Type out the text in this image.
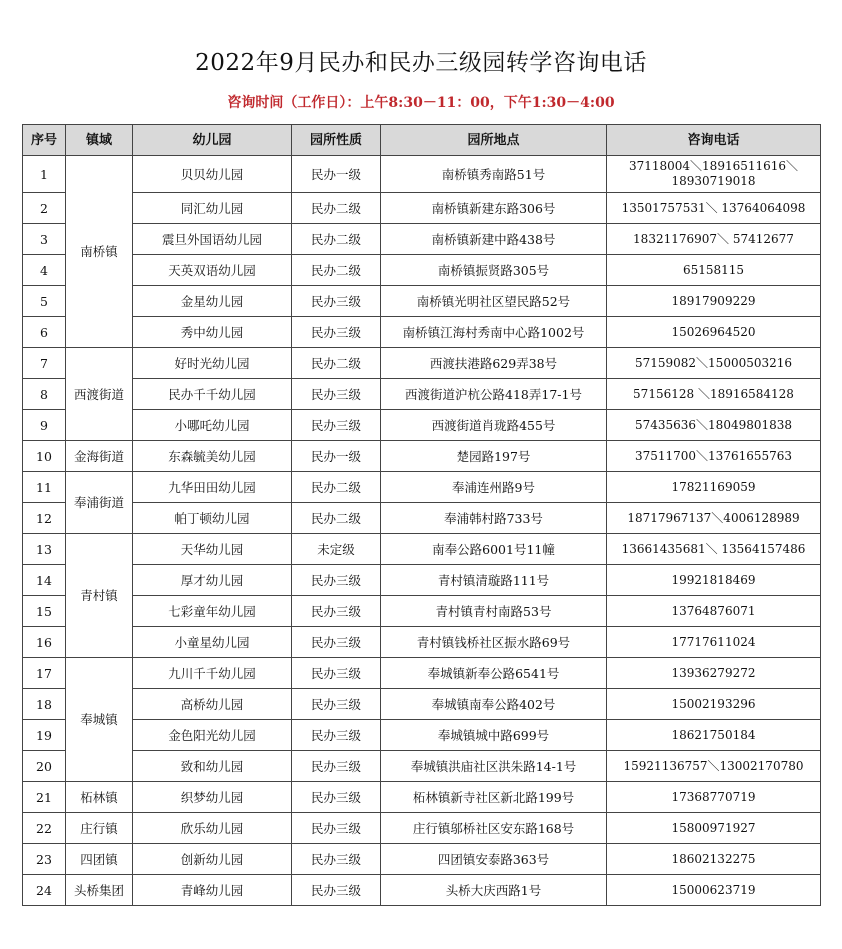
2022年9月民办和民办三级园转学咨询电话
咨询时间（工作日）：上午8:30－11：00，下午1:30－4:00
序号	镇域	幼儿园	园所性质	园所地点	咨询电话
1	南桥镇	贝贝幼儿园	民办一级	南桥镇秀南路51号	37118004＼18916511616＼18930719018
2		同汇幼儿园	民办二级	南桥镇新建东路306号	13501757531＼ 13764064098
3		震旦外国语幼儿园	民办二级	南桥镇新建中路438号	18321176907＼ 57412677
4		天英双语幼儿园	民办二级	南桥镇振贤路305号	65158115
5		金星幼儿园	民办三级	南桥镇光明社区望民路52号	18917909229
6		秀中幼儿园	民办三级	南桥镇江海村秀南中心路1002号	15026964520
7	西渡街道	好时光幼儿园	民办二级	西渡扶港路629弄38号	57159082＼15000503216
8		民办千千幼儿园	民办三级	西渡街道沪杭公路418弄17-1号	57156128 ＼18916584128
9		小哪吒幼儿园	民办三级	西渡街道肖珑路455号	57435636＼18049801838
10	金海街道	东森毓美幼儿园	民办一级	楚园路197号	37511700＼13761655763
11	奉浦街道	九华田田幼儿园	民办二级	奉浦连州路9号	17821169059
12		帕丁顿幼儿园	民办二级	奉浦韩村路733号	18717967137＼4006128989
13	青村镇	天华幼儿园	未定级	南奉公路6001号11幢	13661435681＼ 13564157486
14		厚才幼儿园	民办三级	青村镇清璇路111号	19921818469
15		七彩童年幼儿园	民办三级	青村镇青村南路53号	13764876071
16		小童星幼儿园	民办三级	青村镇钱桥社区振水路69号	17717611024
17	奉城镇	九川千千幼儿园	民办三级	奉城镇新奉公路6541号	13936279272
18		高桥幼儿园	民办三级	奉城镇南奉公路402号	15002193296
19		金色阳光幼儿园	民办三级	奉城镇城中路699号	18621750184
20		致和幼儿园	民办三级	奉城镇洪庙社区洪朱路14-1号	15921136757＼13002170780
21	柘林镇	织梦幼儿园	民办三级	柘林镇新寺社区新北路199号	17368770719
22	庄行镇	欣乐幼儿园	民办三级	庄行镇邬桥社区安东路168号	15800971927
23	四团镇	创新幼儿园	民办三级	四团镇安泰路363号	18602132275
24	头桥集团	青峰幼儿园	民办三级	头桥大庆西路1号	15000623719
